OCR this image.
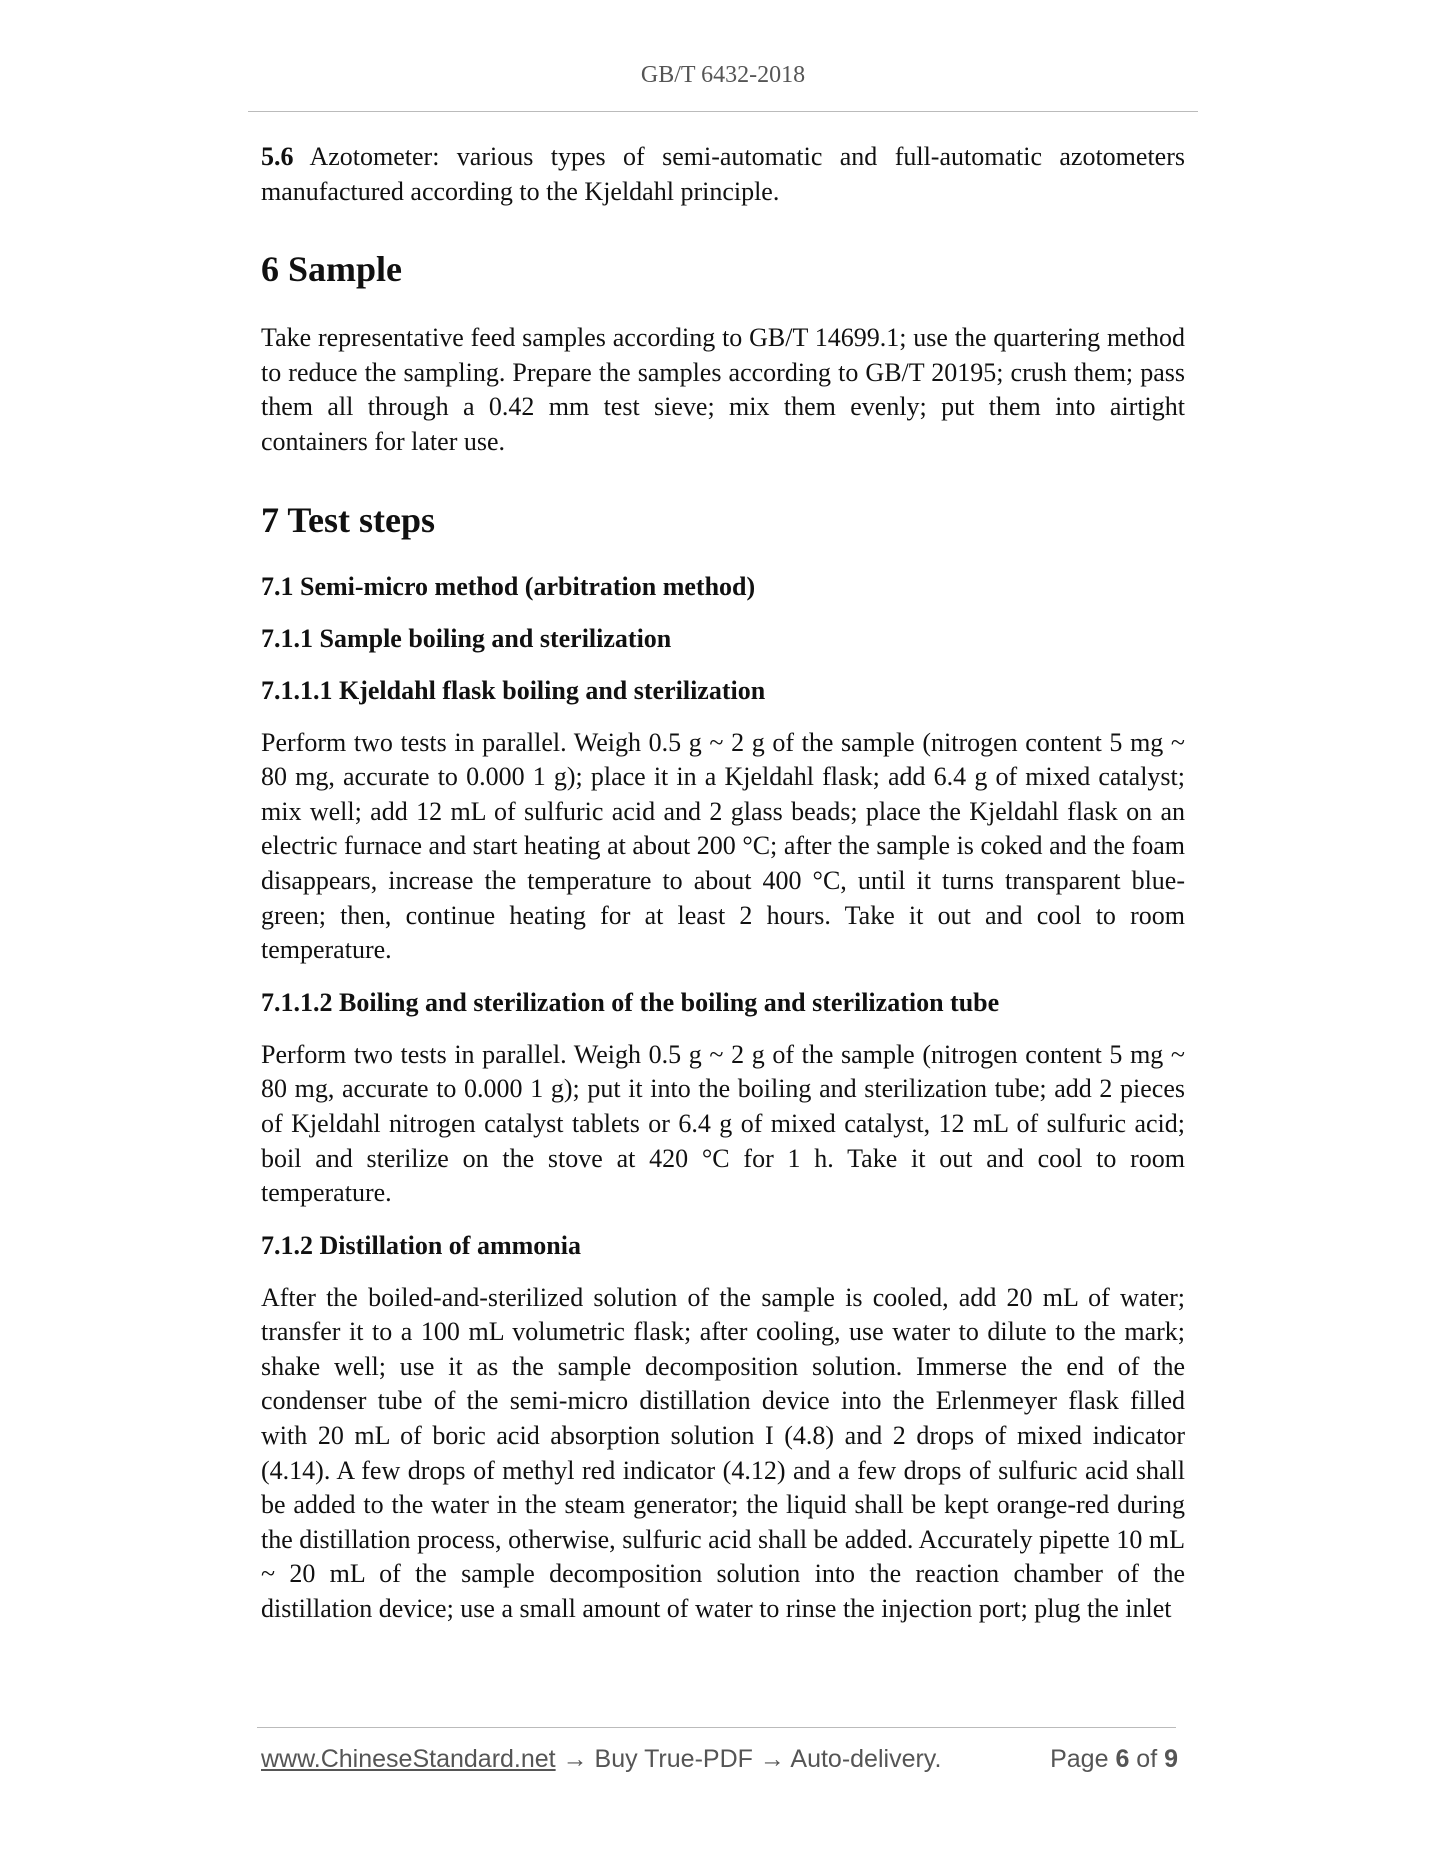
GB/T 6432-2018

5.6 Azotometer: various types of semi-automatic and full-automatic azotometers manufactured according to the Kjeldahl principle.

6 Sample

Take representative feed samples according to GB/T 14699.1; use the quartering method to reduce the sampling. Prepare the samples according to GB/T 20195; crush them; pass them all through a 0.42 mm test sieve; mix them evenly; put them into airtight containers for later use.

7 Test steps
7.1 Semi-micro method (arbitration method)
7.1.1 Sample boiling and sterilization
7.1.1.1 Kjeldahl flask boiling and sterilization

Perform two tests in parallel. Weigh 0.5 g ~ 2 g of the sample (nitrogen content 5 mg ~ 80 mg, accurate to 0.000 1 g); place it in a Kjeldahl flask; add 6.4 g of mixed catalyst; mix well; add 12 mL of sulfuric acid and 2 glass beads; place the Kjeldahl flask on an electric furnace and start heating at about 200 °C; after the sample is coked and the foam disappears, increase the temperature to about 400 °C, until it turns transparent blue-green; then, continue heating for at least 2 hours. Take it out and cool to room temperature.

7.1.1.2 Boiling and sterilization of the boiling and sterilization tube

Perform two tests in parallel. Weigh 0.5 g ~ 2 g of the sample (nitrogen content 5 mg ~ 80 mg, accurate to 0.000 1 g); put it into the boiling and sterilization tube; add 2 pieces of Kjeldahl nitrogen catalyst tablets or 6.4 g of mixed catalyst, 12 mL of sulfuric acid; boil and sterilize on the stove at 420 °C for 1 h. Take it out and cool to room temperature.

7.1.2 Distillation of ammonia

After the boiled-and-sterilized solution of the sample is cooled, add 20 mL of water; transfer it to a 100 mL volumetric flask; after cooling, use water to dilute to the mark; shake well; use it as the sample decomposition solution. Immerse the end of the condenser tube of the semi-micro distillation device into the Erlenmeyer flask filled with 20 mL of boric acid absorption solution I (4.8) and 2 drops of mixed indicator (4.14). A few drops of methyl red indicator (4.12) and a few drops of sulfuric acid shall be added to the water in the steam generator; the liquid shall be kept orange-red during the distillation process, otherwise, sulfuric acid shall be added. Accurately pipette 10 mL ~ 20 mL of the sample decomposition solution into the reaction chamber of the distillation device; use a small amount of water to rinse the injection port; plug the inlet

www.ChineseStandard.net → Buy True-PDF → Auto-delivery.	Page 6 of 9
